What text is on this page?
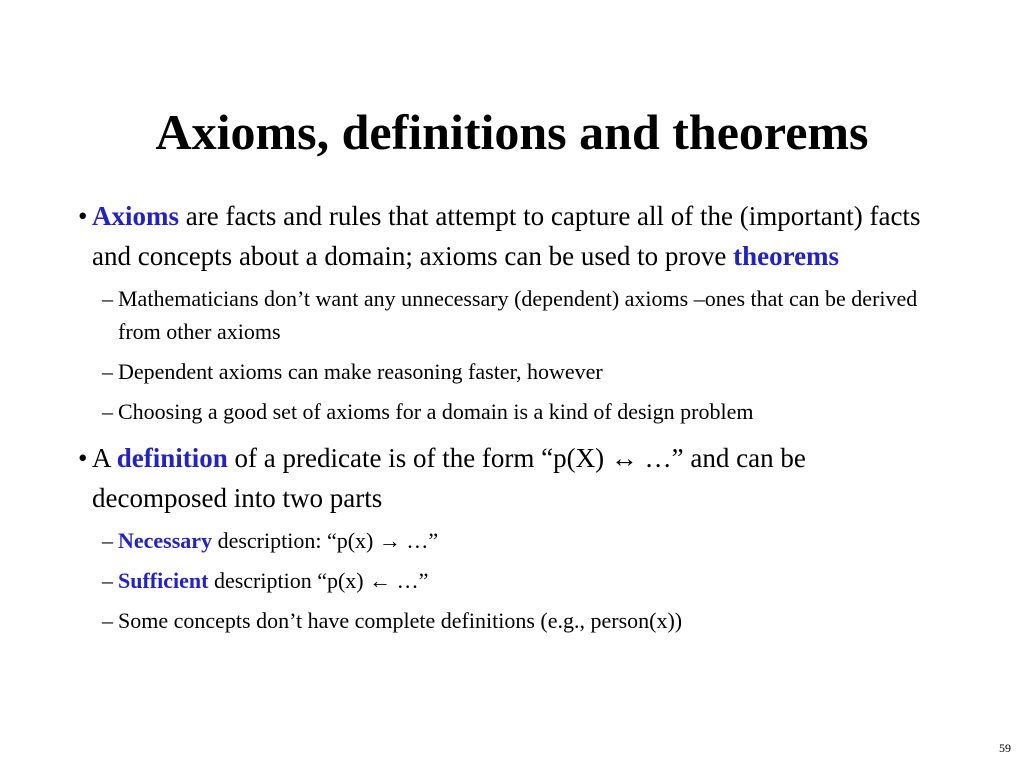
Axioms, definitions and theorems

• Axioms are facts and rules that attempt to capture all of the (important) facts and concepts about a domain; axioms can be used to prove theorems

– Mathematicians don’t want any unnecessary (dependent) axioms –ones that can be derived from other axioms

– Dependent axioms can make reasoning faster, however

– Choosing a good set of axioms for a domain is a kind of design problem

• A definition of a predicate is of the form “p(X) ↔ …” and can be decomposed into two parts

– Necessary description: “p(x) → …”

– Sufficient description “p(x) ← …”

– Some concepts don’t have complete definitions (e.g., person(x))

59
